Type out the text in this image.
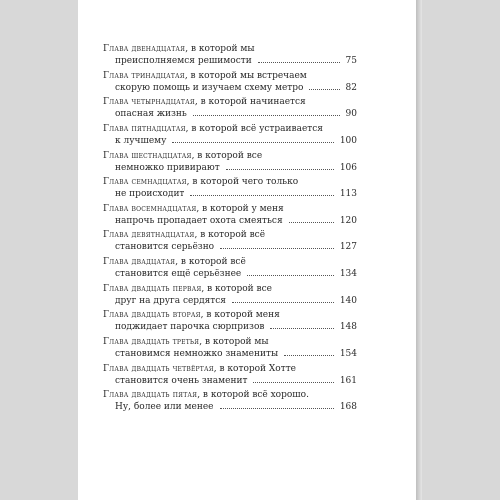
Глава двенадцатая, в которой мы
преисполняемся решимости	75
Глава тринадцатая, в которой мы встречаем
скорую помощь и изучаем схему метро	82
Глава четырнадцатая, в которой начинается
опасная жизнь	90
Глава пятнадцатая, в которой всё устраивается
к лучшему	100
Глава шестнадцатая, в которой все
немножко привирают	106
Глава семнадцатая, в которой чего только
не происходит	113
Глава восемнадцатая, в которой у меня
напрочь пропадает охота смеяться	120
Глава девятнадцатая, в которой всё
становится серьёзно	127
Глава двадцатая, в которой всё
становится ещё серьёзнее	134
Глава двадцать первая, в которой все
друг на друга сердятся	140
Глава двадцать вторая, в которой меня
поджидает парочка сюрпризов	148
Глава двадцать третья, в которой мы
становимся немножко знамениты	154
Глава двадцать четвёртая, в которой Хотте
становится очень знаменит	161
Глава двадцать пятая, в которой всё хорошо.
Ну, более или менее	168
